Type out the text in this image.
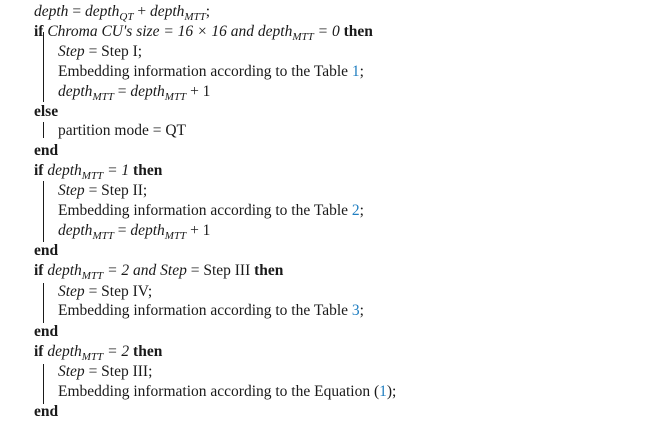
depth = depth$_{QT}$ + depth$_{MTT}$;
if Chroma CU's size = 16 × 16 and depth$_{MTT}$ = 0 then
Step = Step I;
Embedding information according to the Table 1;
depth$_{MTT}$ = depth$_{MTT}$ + 1
else
partition mode = QT
end
if depth$_{MTT}$ = 1 then
Step = Step II;
Embedding information according to the Table 2;
depth$_{MTT}$ = depth$_{MTT}$ + 1
end
if depth$_{MTT}$ = 2 and Step = Step III then
Step = Step IV;
Embedding information according to the Table 3;
end
if depth$_{MTT}$ = 2 then
Step = Step III;
Embedding information according to the Equation (1);
end
